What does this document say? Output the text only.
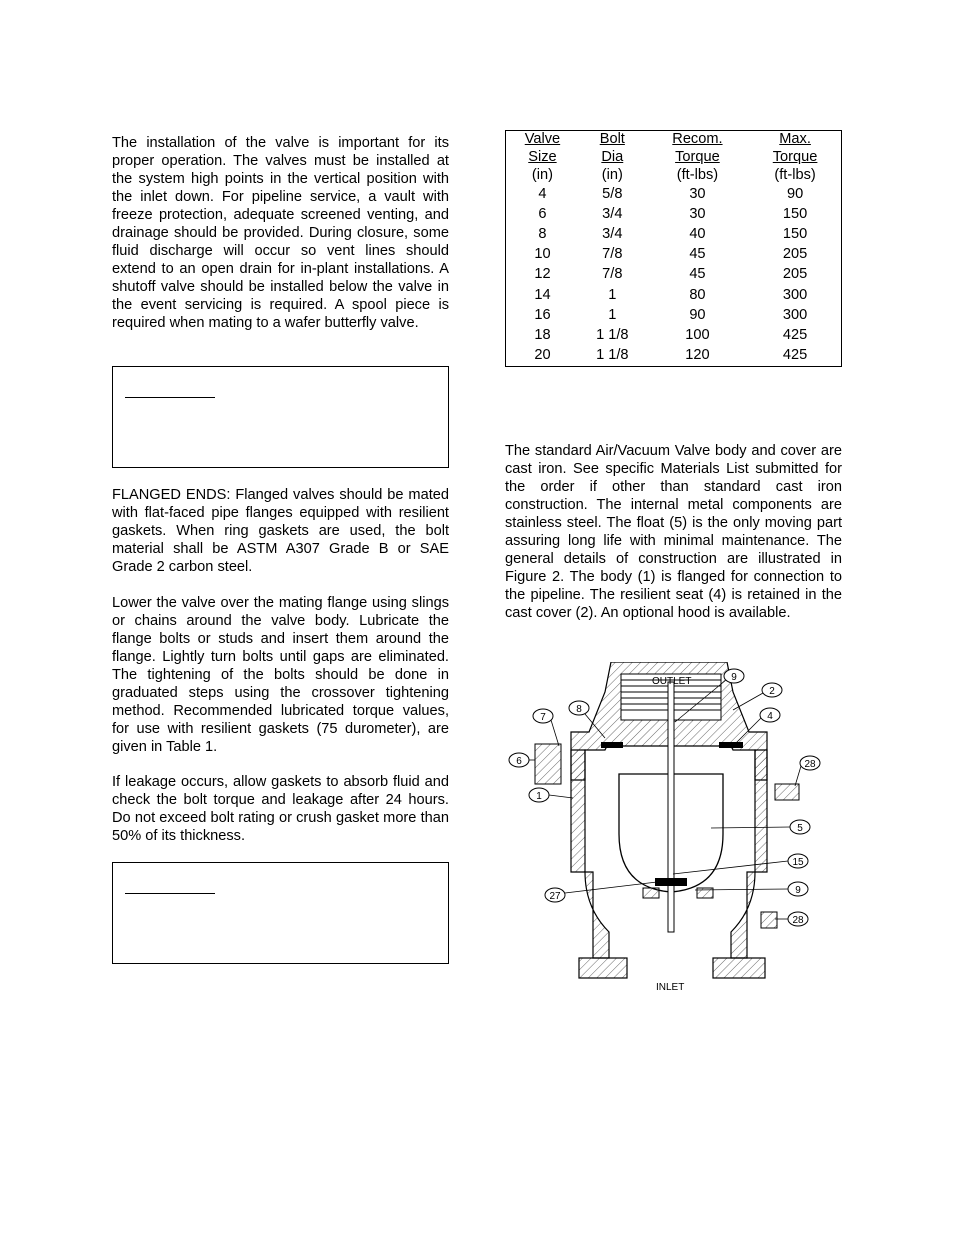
The installation of the valve is important for its proper operation. The valves must be installed at the system high points in the vertical position with the inlet down. For pipeline service, a vault with freeze protection, adequate screened venting, and drainage should be provided. During closure, some fluid discharge will occur so vent lines should extend to an open drain for in-plant installations. A shutoff valve should be installed below the valve in the event servicing is required. A spool piece is required when mating to a wafer butterfly valve.

FLANGED ENDS: Flanged valves should be mated with flat-faced pipe flanges equipped with resilient gaskets. When ring gaskets are used, the bolt material shall be ASTM A307 Grade B or SAE Grade 2 carbon steel.

Lower the valve over the mating flange using slings or chains around the valve body. Lubricate the flange bolts or studs and insert them around the flange. Lightly turn bolts until gaps are eliminated. The tightening of the bolts should be done in graduated steps using the crossover tightening method. Recommended lubricated torque values, for use with resilient gaskets (75 durometer), are given in Table 1.

If leakage occurs, allow gaskets to absorb fluid and check the bolt torque and leakage after 24 hours. Do not exceed bolt rating or crush gasket more than 50% of its thickness.

Valve	Bolt	Recom.	Max.
Size	Dia	Torque	Torque
(in)	(in)	(ft-lbs)	(ft-lbs)
4	5/8	30	90
6	3/4	30	150
8	3/4	40	150
10	7/8	45	205
12	7/8	45	205
14	1	80	300
16	1	90	300
18	1 1/8	100	425
20	1 1/8	120	425

The standard Air/Vacuum Valve body and cover are cast iron. See specific Materials List submitted for the order if other than standard cast iron construction. The internal metal components are stainless steel. The float (5) is the only moving part assuring long life with minimal maintenance. The general details of construction are illustrated in Figure 2. The body (1) is flanged for connection to the pipeline. The resilient seat (4) is retained in the cast cover (2). An optional hood is available.

OUTLET
INLET
9
2
8
7	4
6	28
1
5
15
27
9
28
